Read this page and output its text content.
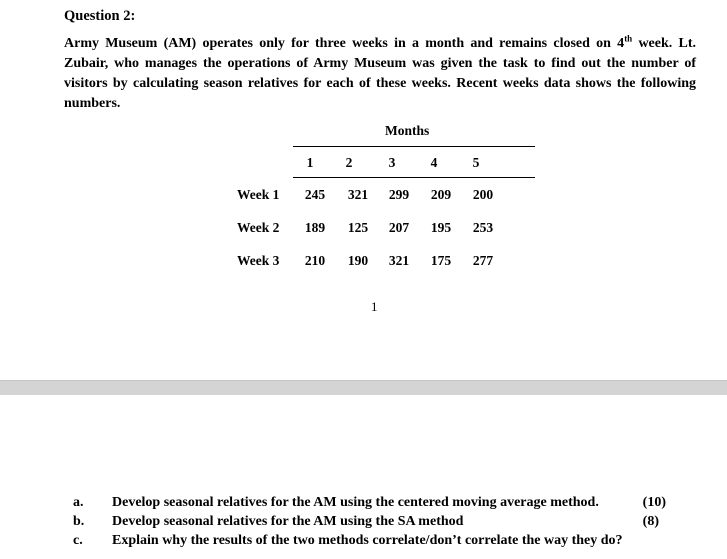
Question 2:
Army Museum (AM) operates only for three weeks in a month and remains closed on 4th week. Lt. Zubair, who manages the operations of Army Museum was given the task to find out the number of visitors by calculating season relatives for each of these weeks. Recent weeks data shows the following numbers.
Months
1	2	3	4	5
Week 1	245	321	299	209	200
Week 2	189	125	207	195	253
Week 3	210	190	321	175	277
1
a. Develop seasonal relatives for the AM using the centered moving average method.	(10)
b. Develop seasonal relatives for the AM using the SA method	(8)
c. Explain why the results of the two methods correlate/don’t correlate the way they do?
